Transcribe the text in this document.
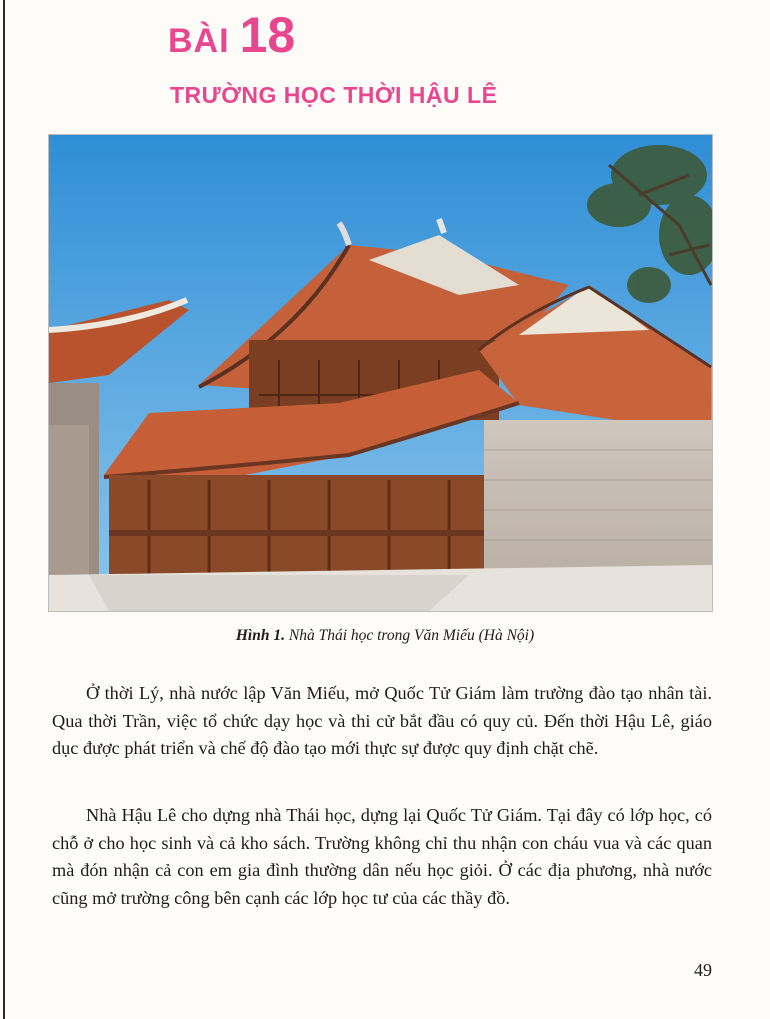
BÀI 18
TRƯỜNG HỌC THỜI HẬU LÊ
Hình 1. Nhà Thái học trong Văn Miếu (Hà Nội)

Ở thời Lý, nhà nước lập Văn Miếu, mở Quốc Tử Giám làm trường đào tạo nhân tài. Qua thời Trần, việc tổ chức dạy học và thi cử bắt đầu có quy củ. Đến thời Hậu Lê, giáo dục được phát triển và chế độ đào tạo mới thực sự được quy định chặt chẽ.

Nhà Hậu Lê cho dựng nhà Thái học, dựng lại Quốc Tử Giám. Tại đây có lớp học, có chỗ ở cho học sinh và cả kho sách. Trường không chỉ thu nhận con cháu vua và các quan mà đón nhận cả con em gia đình thường dân nếu học giỏi. Ở các địa phương, nhà nước cũng mở trường công bên cạnh các lớp học tư của các thầy đồ.

49
